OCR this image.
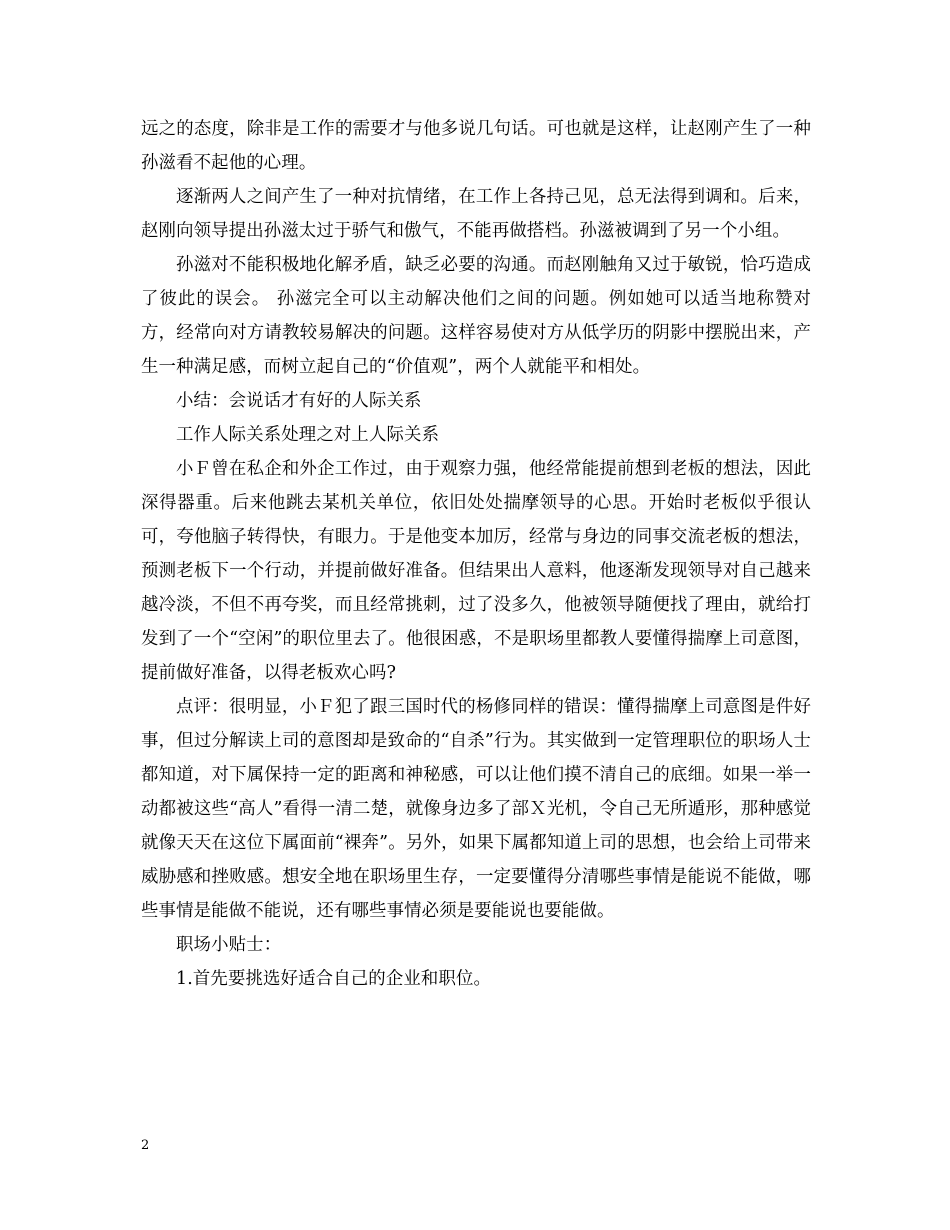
远之的态度，除非是工作的需要才与他多说几句话。可也就是这样，让赵刚产生了一种孙滋看不起他的心理。

逐渐两人之间产生了一种对抗情绪，在工作上各持己见，总无法得到调和。后来，赵刚向领导提出孙滋太过于骄气和傲气，不能再做搭档。孙滋被调到了另一个小组。

孙滋对不能积极地化解矛盾，缺乏必要的沟通。而赵刚触角又过于敏锐，恰巧造成了彼此的误会。 孙滋完全可以主动解决他们之间的问题。例如她可以适当地称赞对方，经常向对方请教较易解决的问题。这样容易使对方从低学历的阴影中摆脱出来，产生一种满足感，而树立起自己的“价值观”，两个人就能平和相处。

小结：会说话才有好的人际关系

工作人际关系处理之对上人际关系

小Ｆ曾在私企和外企工作过，由于观察力强，他经常能提前想到老板的想法，因此深得器重。后来他跳去某机关单位，依旧处处揣摩领导的心思。开始时老板似乎很认可，夸他脑子转得快，有眼力。于是他变本加厉，经常与身边的同事交流老板的想法，预测老板下一个行动，并提前做好准备。但结果出人意料，他逐渐发现领导对自己越来越冷淡，不但不再夸奖，而且经常挑刺，过了没多久，他被领导随便找了理由，就给打发到了一个“空闲”的职位里去了。他很困惑，不是职场里都教人要懂得揣摩上司意图，提前做好准备，以得老板欢心吗?

点评：很明显，小Ｆ犯了跟三国时代的杨修同样的错误：懂得揣摩上司意图是件好事，但过分解读上司的意图却是致命的“自杀”行为。其实做到一定管理职位的职场人士都知道，对下属保持一定的距离和神秘感，可以让他们摸不清自己的底细。如果一举一动都被这些“高人”看得一清二楚，就像身边多了部Ｘ光机，令自己无所遁形，那种感觉就像天天在这位下属面前“裸奔”。另外，如果下属都知道上司的思想，也会给上司带来威胁感和挫败感。想安全地在职场里生存，一定要懂得分清哪些事情是能说不能做，哪些事情是能做不能说，还有哪些事情必须是要能说也要能做。

职场小贴士：

1.首先要挑选好适合自己的企业和职位。

2
